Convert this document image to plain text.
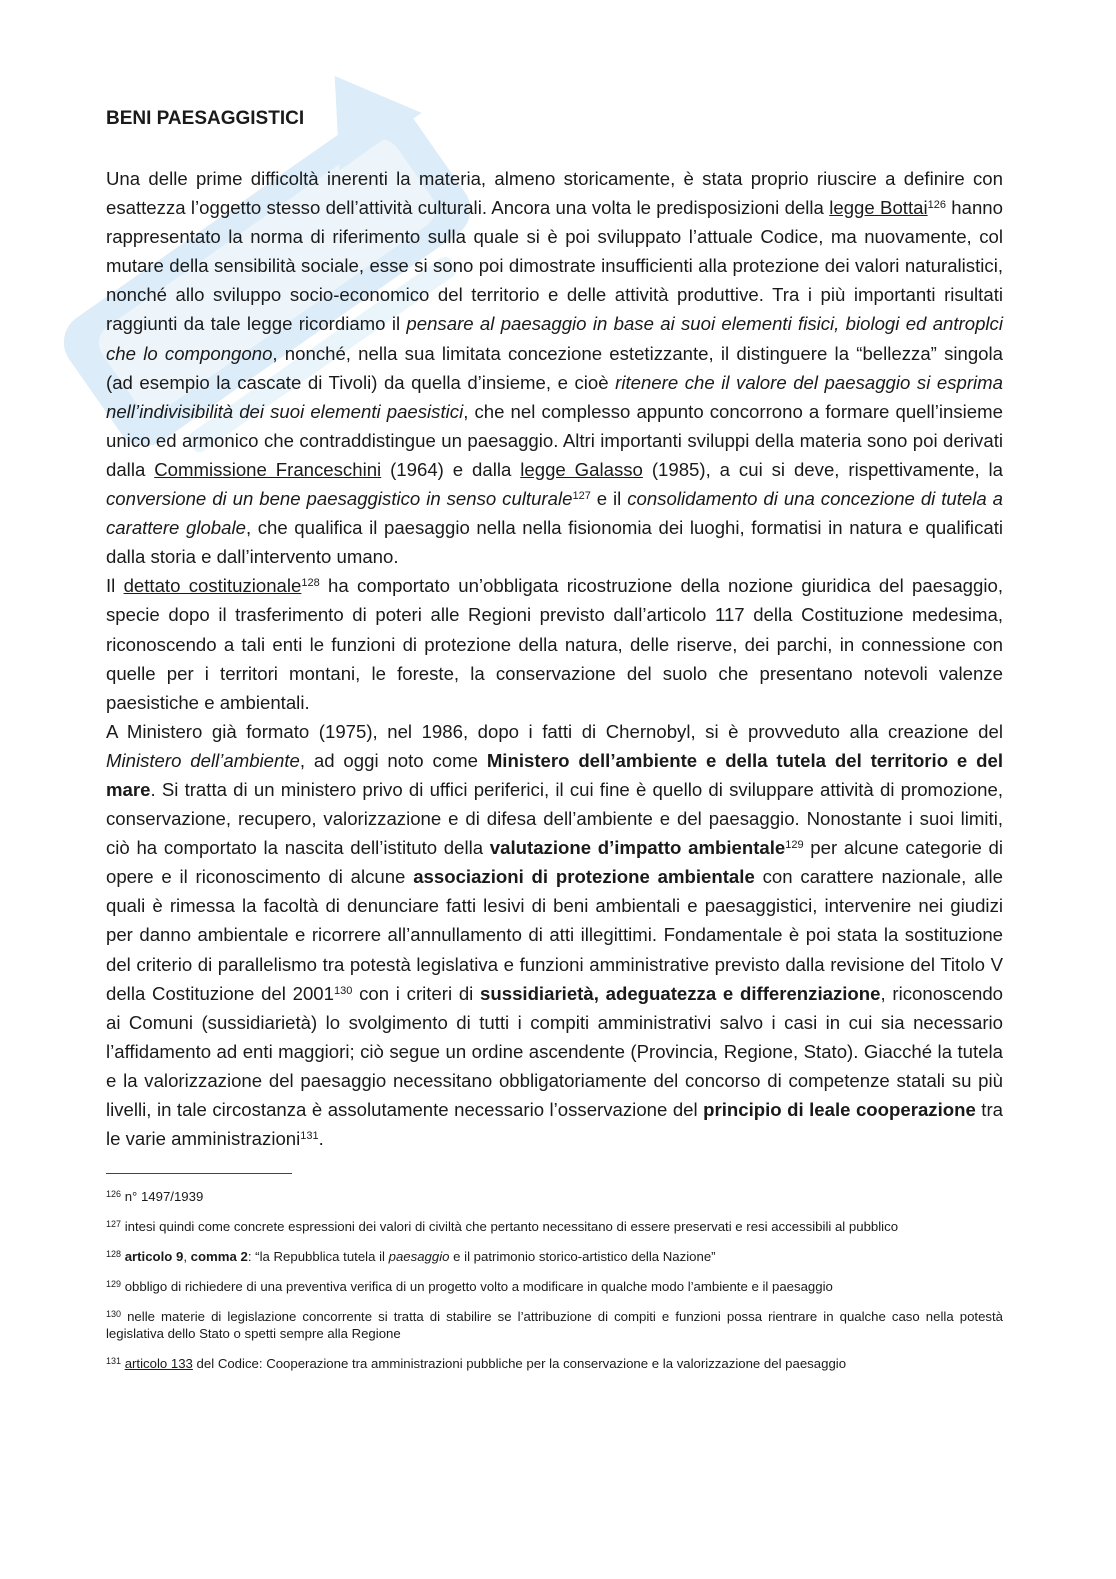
BENI PAESAGGISTICI

Una delle prime difficoltà inerenti la materia, almeno storicamente, è stata proprio riuscire a definire con esattezza l’oggetto stesso dell’attività culturali. Ancora una volta le predisposizioni della legge Bottai$^{126}$ hanno rappresentato la norma di riferimento sulla quale si è poi sviluppato l’attuale Codice, ma nuovamente, col mutare della sensibilità sociale, esse si sono poi dimostrate insufficienti alla protezione dei valori naturalistici, nonché allo sviluppo socio-economico del territorio e delle attività produttive. Tra i più importanti risultati raggiunti da tale legge ricordiamo il pensare al paesaggio in base ai suoi elementi fisici, biologi ed antroplci che lo compongono, nonché, nella sua limitata concezione estetizzante, il distinguere la “bellezza” singola (ad esempio la cascate di Tivoli) da quella d’insieme, e cioè ritenere che il valore del paesaggio si esprima nell’indivisibilità dei suoi elementi paesistici, che nel complesso appunto concorrono a formare quell’insieme unico ed armonico che contraddistingue un paesaggio. Altri importanti sviluppi della materia sono poi derivati dalla Commissione Franceschini (1964) e dalla legge Galasso (1985), a cui si deve, rispettivamente, la conversione di un bene paesaggistico in senso culturale$^{127}$ e il consolidamento di una concezione di tutela a carattere globale, che qualifica il paesaggio nella nella fisionomia dei luoghi, formatisi in natura e qualificati dalla storia e dall’intervento umano.

Il dettato costituzionale$^{128}$ ha comportato un’obbligata ricostruzione della nozione giuridica del paesaggio, specie dopo il trasferimento di poteri alle Regioni previsto dall’articolo 117 della Costituzione medesima, riconoscendo a tali enti le funzioni di protezione della natura, delle riserve, dei parchi, in connessione con quelle per i territori montani, le foreste, la conservazione del suolo che presentano notevoli valenze paesistiche e ambientali.

A Ministero già formato (1975), nel 1986, dopo i fatti di Chernobyl, si è provveduto alla creazione del Ministero dell’ambiente, ad oggi noto come Ministero dell’ambiente e della tutela del territorio e del mare. Si tratta di un ministero privo di uffici periferici, il cui fine è quello di sviluppare attività di promozione, conservazione, recupero, valorizzazione e di difesa dell’ambiente e del paesaggio. Nonostante i suoi limiti, ciò ha comportato la nascita dell’istituto della valutazione d’impatto ambientale$^{129}$ per alcune categorie di opere e il riconoscimento di alcune associazioni di protezione ambientale con carattere nazionale, alle quali è rimessa la facoltà di denunciare fatti lesivi di beni ambientali e paesaggistici, intervenire nei giudizi per danno ambientale e ricorrere all’annullamento di atti illegittimi. Fondamentale è poi stata la sostituzione del criterio di parallelismo tra potestà legislativa e funzioni amministrative previsto dalla revisione del Titolo V della Costituzione del 2001$^{130}$ con i criteri di sussidiarietà, adeguatezza e differenziazione, riconoscendo ai Comuni (sussidiarietà) lo svolgimento di tutti i compiti amministrativi salvo i casi in cui sia necessario l’affidamento ad enti maggiori; ciò segue un ordine ascendente (Provincia, Regione, Stato). Giacché la tutela e la valorizzazione del paesaggio necessitano obbligatoriamente del concorso di competenze statali su più livelli, in tale circostanza è assolutamente necessario l’osservazione del principio di leale cooperazione tra le varie amministrazioni$^{131}$.

$^{126}$ n° 1497/1939

$^{127}$ intesi quindi come concrete espressioni dei valori di civiltà che pertanto necessitano di essere preservati e resi accessibili al pubblico

$^{128}$ articolo 9, comma 2: “la Repubblica tutela il paesaggio e il patrimonio storico-artistico della Nazione”

$^{129}$ obbligo di richiedere di una preventiva verifica di un progetto volto a modificare in qualche modo l’ambiente e il paesaggio

$^{130}$ nelle materie di legislazione concorrente si tratta di stabilire se l’attribuzione di compiti e funzioni possa rientrare in qualche caso nella potestà legislativa dello Stato o spetti sempre alla Regione

$^{131}$ articolo 133 del Codice: Cooperazione tra amministrazioni pubbliche per la conservazione e la valorizzazione del paesaggio
